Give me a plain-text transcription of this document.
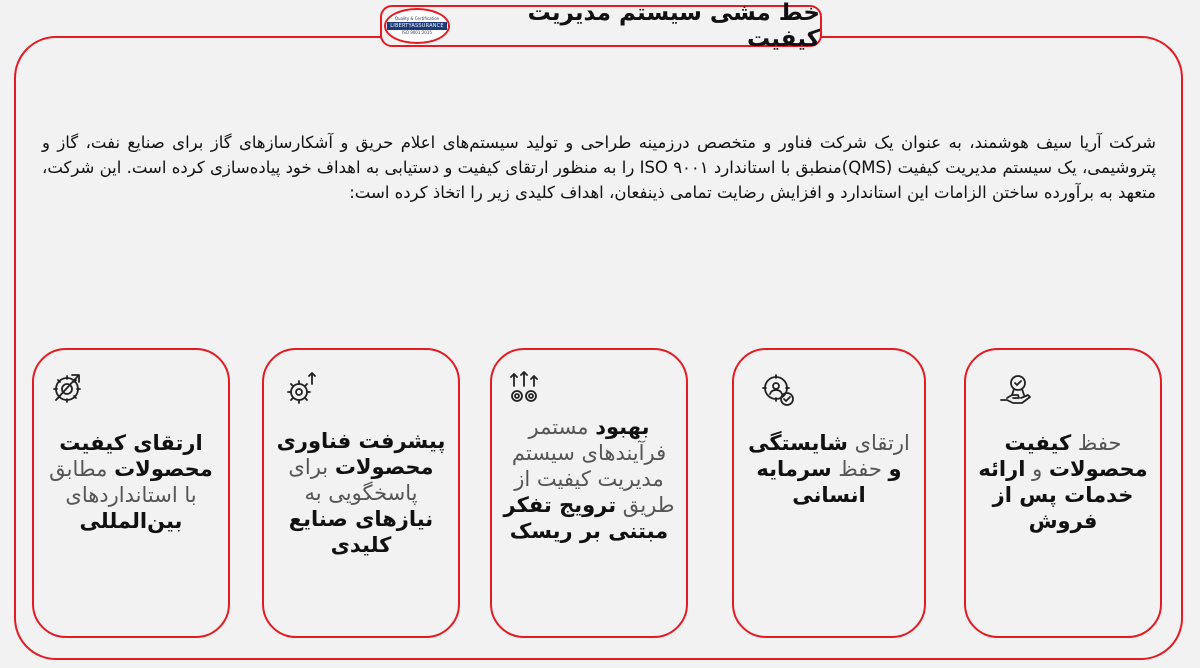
خط مشی سیستم مدیریت کیفیت
Quality & Certification
LIBERTYASSURANCE
ISO 9001:2015
شرکت آریا سیف هوشمند، به عنوان یک شرکت فناور و متخصص درزمینه طراحی و تولید سیستم‌های اعلام حریق و آشکارسازهای گاز برای صنایع نفت، گاز و پتروشیمی، یک سیستم مدیریت کیفیت (QMS)منطبق با استاندارد ISO ۹۰۰۱ را به منظور ارتقای کیفیت و دستیابی به اهداف خود پیاده‌سازی کرده است. این شرکت، متعهد به برآورده ساختن الزامات این استاندارد و افزایش رضایت تمامی ذینفعان، اهداف کلیدی زیر را اتخاذ کرده است:
حفظ کیفیت محصولات و ارائه خدمات پس از فروش
ارتقای شایستگی و حفظ سرمایه انسانی
بهبود مستمر فرآیندهای سیستم مدیریت کیفیت از طریق ترویج تفکر مبتنی بر ریسک
پیشرفت فناوری محصولات برای پاسخگویی به نیازهای صنایع کلیدی
ارتقای کیفیت محصولات مطابق با استانداردهای بین‌المللی
